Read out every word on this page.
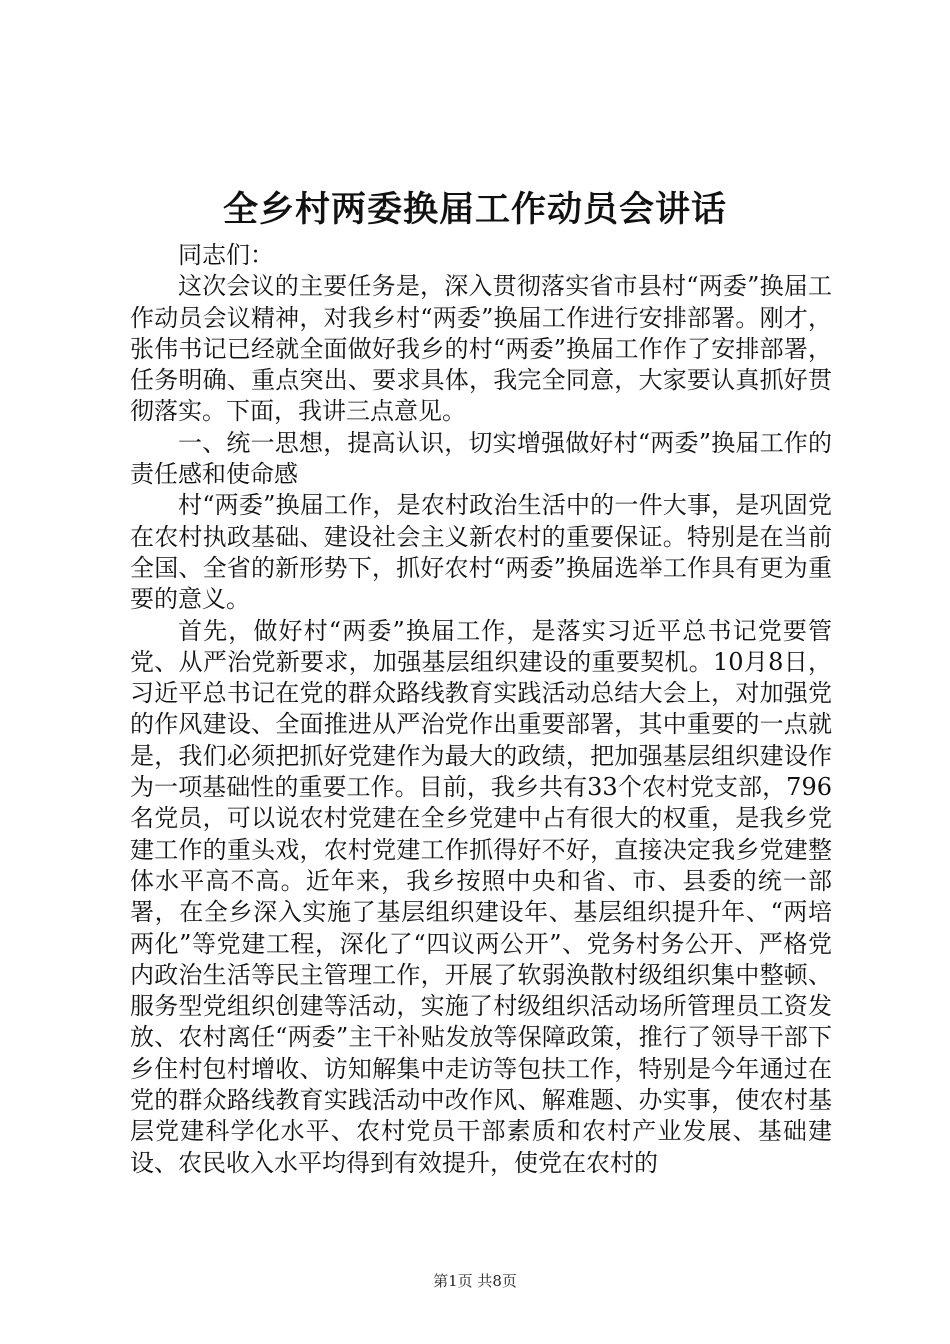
全乡村两委换届工作动员会讲话

同志们：

这次会议的主要任务是，深入贯彻落实省市县村“两委”换届工作动员会议精神，对我乡村“两委”换届工作进行安排部署。刚才，张伟书记已经就全面做好我乡的村“两委”换届工作作了安排部署，任务明确、重点突出、要求具体，我完全同意，大家要认真抓好贯彻落实。下面，我讲三点意见。

一、统一思想，提高认识，切实增强做好村“两委”换届工作的责任感和使命感

村“两委”换届工作，是农村政治生活中的一件大事，是巩固党在农村执政基础、建设社会主义新农村的重要保证。特别是在当前全国、全省的新形势下，抓好农村“两委”换届选举工作具有更为重要的意义。

首先，做好村“两委”换届工作，是落实习近平总书记党要管党、从严治党新要求，加强基层组织建设的重要契机。10月8日，习近平总书记在党的群众路线教育实践活动总结大会上，对加强党的作风建设、全面推进从严治党作出重要部署，其中重要的一点就是，我们必须把抓好党建作为最大的政绩，把加强基层组织建设作为一项基础性的重要工作。目前，我乡共有33个农村党支部，796名党员，可以说农村党建在全乡党建中占有很大的权重，是我乡党建工作的重头戏，农村党建工作抓得好不好，直接决定我乡党建整体水平高不高。近年来，我乡按照中央和省、市、县委的统一部署，在全乡深入实施了基层组织建设年、基层组织提升年、“两培两化”等党建工程，深化了“四议两公开”、党务村务公开、严格党内政治生活等民主管理工作，开展了软弱涣散村级组织集中整顿、服务型党组织创建等活动，实施了村级组织活动场所管理员工资发放、农村离任“两委”主干补贴发放等保障政策，推行了领导干部下乡住村包村增收、访知解集中走访等包扶工作，特别是今年通过在党的群众路线教育实践活动中改作风、解难题、办实事，使农村基层党建科学化水平、农村党员干部素质和农村产业发展、基础建设、农民收入水平均得到有效提升，使党在农村的

第1页 共8页
